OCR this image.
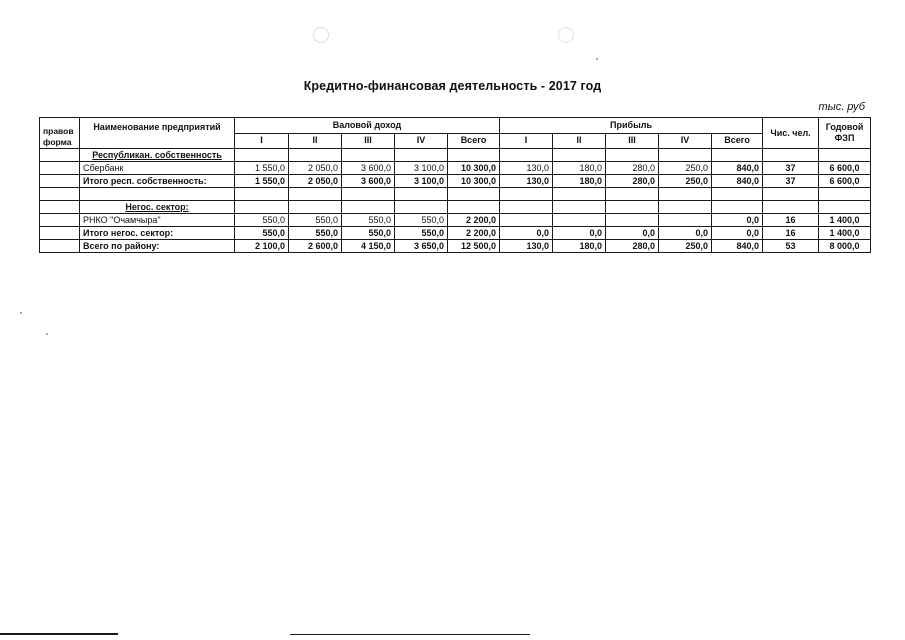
Кредитно-финансовая деятельность - 2017 год
тыс. руб
правов форма	Наименование предприятий	Валовой доход					Прибыль					Чис. чел.	Годовой ФЗП
		I	II	III	IV	Всего	I	II	III	IV	Всего		
	Республикан. собственность												
	Сбербанк	1 550,0	2 050,0	3 600,0	3 100,0	10 300,0	130,0	180,0	280,0	250,0	840,0	37	6 600,0
	Итого респ. собственность:	1 550,0	2 050,0	3 600,0	3 100,0	10 300,0	130,0	180,0	280,0	250,0	840,0	37	6 600,0

	Негос. сектор:												
	РНКО "Очамчыра"	550,0	550,0	550,0	550,0	2 200,0					0,0	16	1 400,0
	Итого негос. сектор:	550,0	550,0	550,0	550,0	2 200,0	0,0	0,0	0,0	0,0	0,0	16	1 400,0
	Всего по району:	2 100,0	2 600,0	4 150,0	3 650,0	12 500,0	130,0	180,0	280,0	250,0	840,0	53	8 000,0
